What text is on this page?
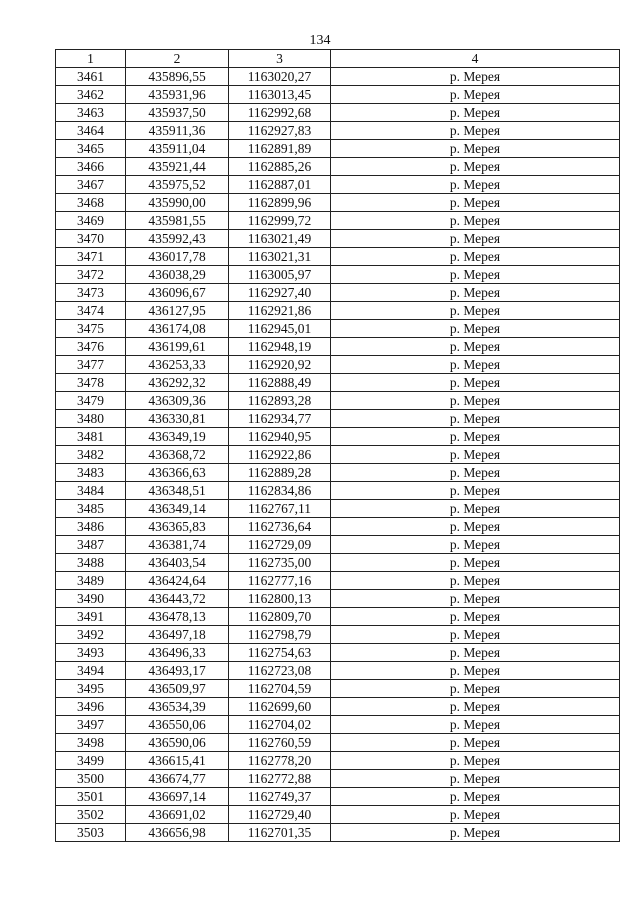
134
1	2	3	4
3461	435896,55	1163020,27	р. Мерея
3462	435931,96	1163013,45	р. Мерея
3463	435937,50	1162992,68	р. Мерея
3464	435911,36	1162927,83	р. Мерея
3465	435911,04	1162891,89	р. Мерея
3466	435921,44	1162885,26	р. Мерея
3467	435975,52	1162887,01	р. Мерея
3468	435990,00	1162899,96	р. Мерея
3469	435981,55	1162999,72	р. Мерея
3470	435992,43	1163021,49	р. Мерея
3471	436017,78	1163021,31	р. Мерея
3472	436038,29	1163005,97	р. Мерея
3473	436096,67	1162927,40	р. Мерея
3474	436127,95	1162921,86	р. Мерея
3475	436174,08	1162945,01	р. Мерея
3476	436199,61	1162948,19	р. Мерея
3477	436253,33	1162920,92	р. Мерея
3478	436292,32	1162888,49	р. Мерея
3479	436309,36	1162893,28	р. Мерея
3480	436330,81	1162934,77	р. Мерея
3481	436349,19	1162940,95	р. Мерея
3482	436368,72	1162922,86	р. Мерея
3483	436366,63	1162889,28	р. Мерея
3484	436348,51	1162834,86	р. Мерея
3485	436349,14	1162767,11	р. Мерея
3486	436365,83	1162736,64	р. Мерея
3487	436381,74	1162729,09	р. Мерея
3488	436403,54	1162735,00	р. Мерея
3489	436424,64	1162777,16	р. Мерея
3490	436443,72	1162800,13	р. Мерея
3491	436478,13	1162809,70	р. Мерея
3492	436497,18	1162798,79	р. Мерея
3493	436496,33	1162754,63	р. Мерея
3494	436493,17	1162723,08	р. Мерея
3495	436509,97	1162704,59	р. Мерея
3496	436534,39	1162699,60	р. Мерея
3497	436550,06	1162704,02	р. Мерея
3498	436590,06	1162760,59	р. Мерея
3499	436615,41	1162778,20	р. Мерея
3500	436674,77	1162772,88	р. Мерея
3501	436697,14	1162749,37	р. Мерея
3502	436691,02	1162729,40	р. Мерея
3503	436656,98	1162701,35	р. Мерея
